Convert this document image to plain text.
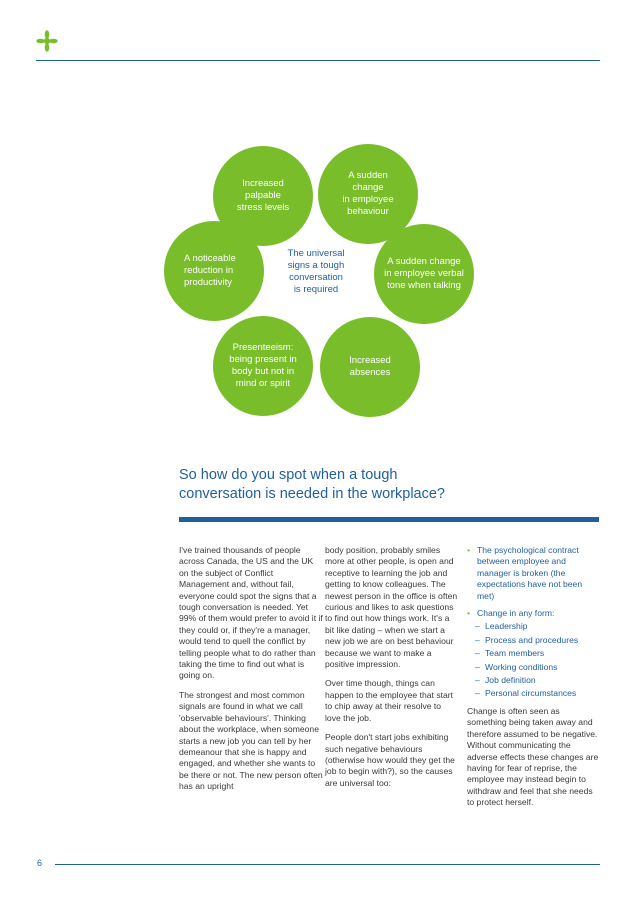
Increased
palpable
stress levels
A sudden change
in employee
behaviour
A sudden change
in employee verbal
tone when talking
Increased
absences
Presenteeism:
being present in
body but not in
mind or spirit
A noticeable
reduction in
productivity
The universal
signs a tough
conversation
is required
So how do you spot when a tough
conversation is needed in the workplace?

I've trained thousands of people across Canada, the US and the UK on the subject of Conflict Management and, without fail, everyone could spot the signs that a tough conversation is needed. Yet 99% of them would prefer to avoid it if they could or, if they're a manager, would tend to quell the conflict by telling people what to do rather than taking the time to find out what is going on.

The strongest and most common signals are found in what we call 'observable behaviours'. Thinking about the workplace, when someone starts a new job you can tell by her demeanour that she is happy and engaged, and whether she wants to be there or not. The new person often has an upright

body position, probably smiles more at other people, is open and receptive to learning the job and getting to know colleagues. The newest person in the office is often curious and likes to ask questions to find out how things work. It's a bit like dating – when we start a new job we are on best behaviour because we want to make a positive impression.

Over time though, things can happen to the employee that start to chip away at their resolve to love the job.

People don't start jobs exhibiting such negative behaviours (otherwise how would they get the job to begin with?), so the causes are universal too:

• The psychological contract between employee and manager is broken (the expectations have not been met)
• Change in any form:
– Leadership
– Process and procedures
– Team members
– Working conditions
– Job definition
– Personal circumstances

Change is often seen as something being taken away and therefore assumed to be negative. Without communicating the adverse effects these changes are having for fear of reprise, the employee may instead begin to withdraw and feel that she needs to protect herself.

6
